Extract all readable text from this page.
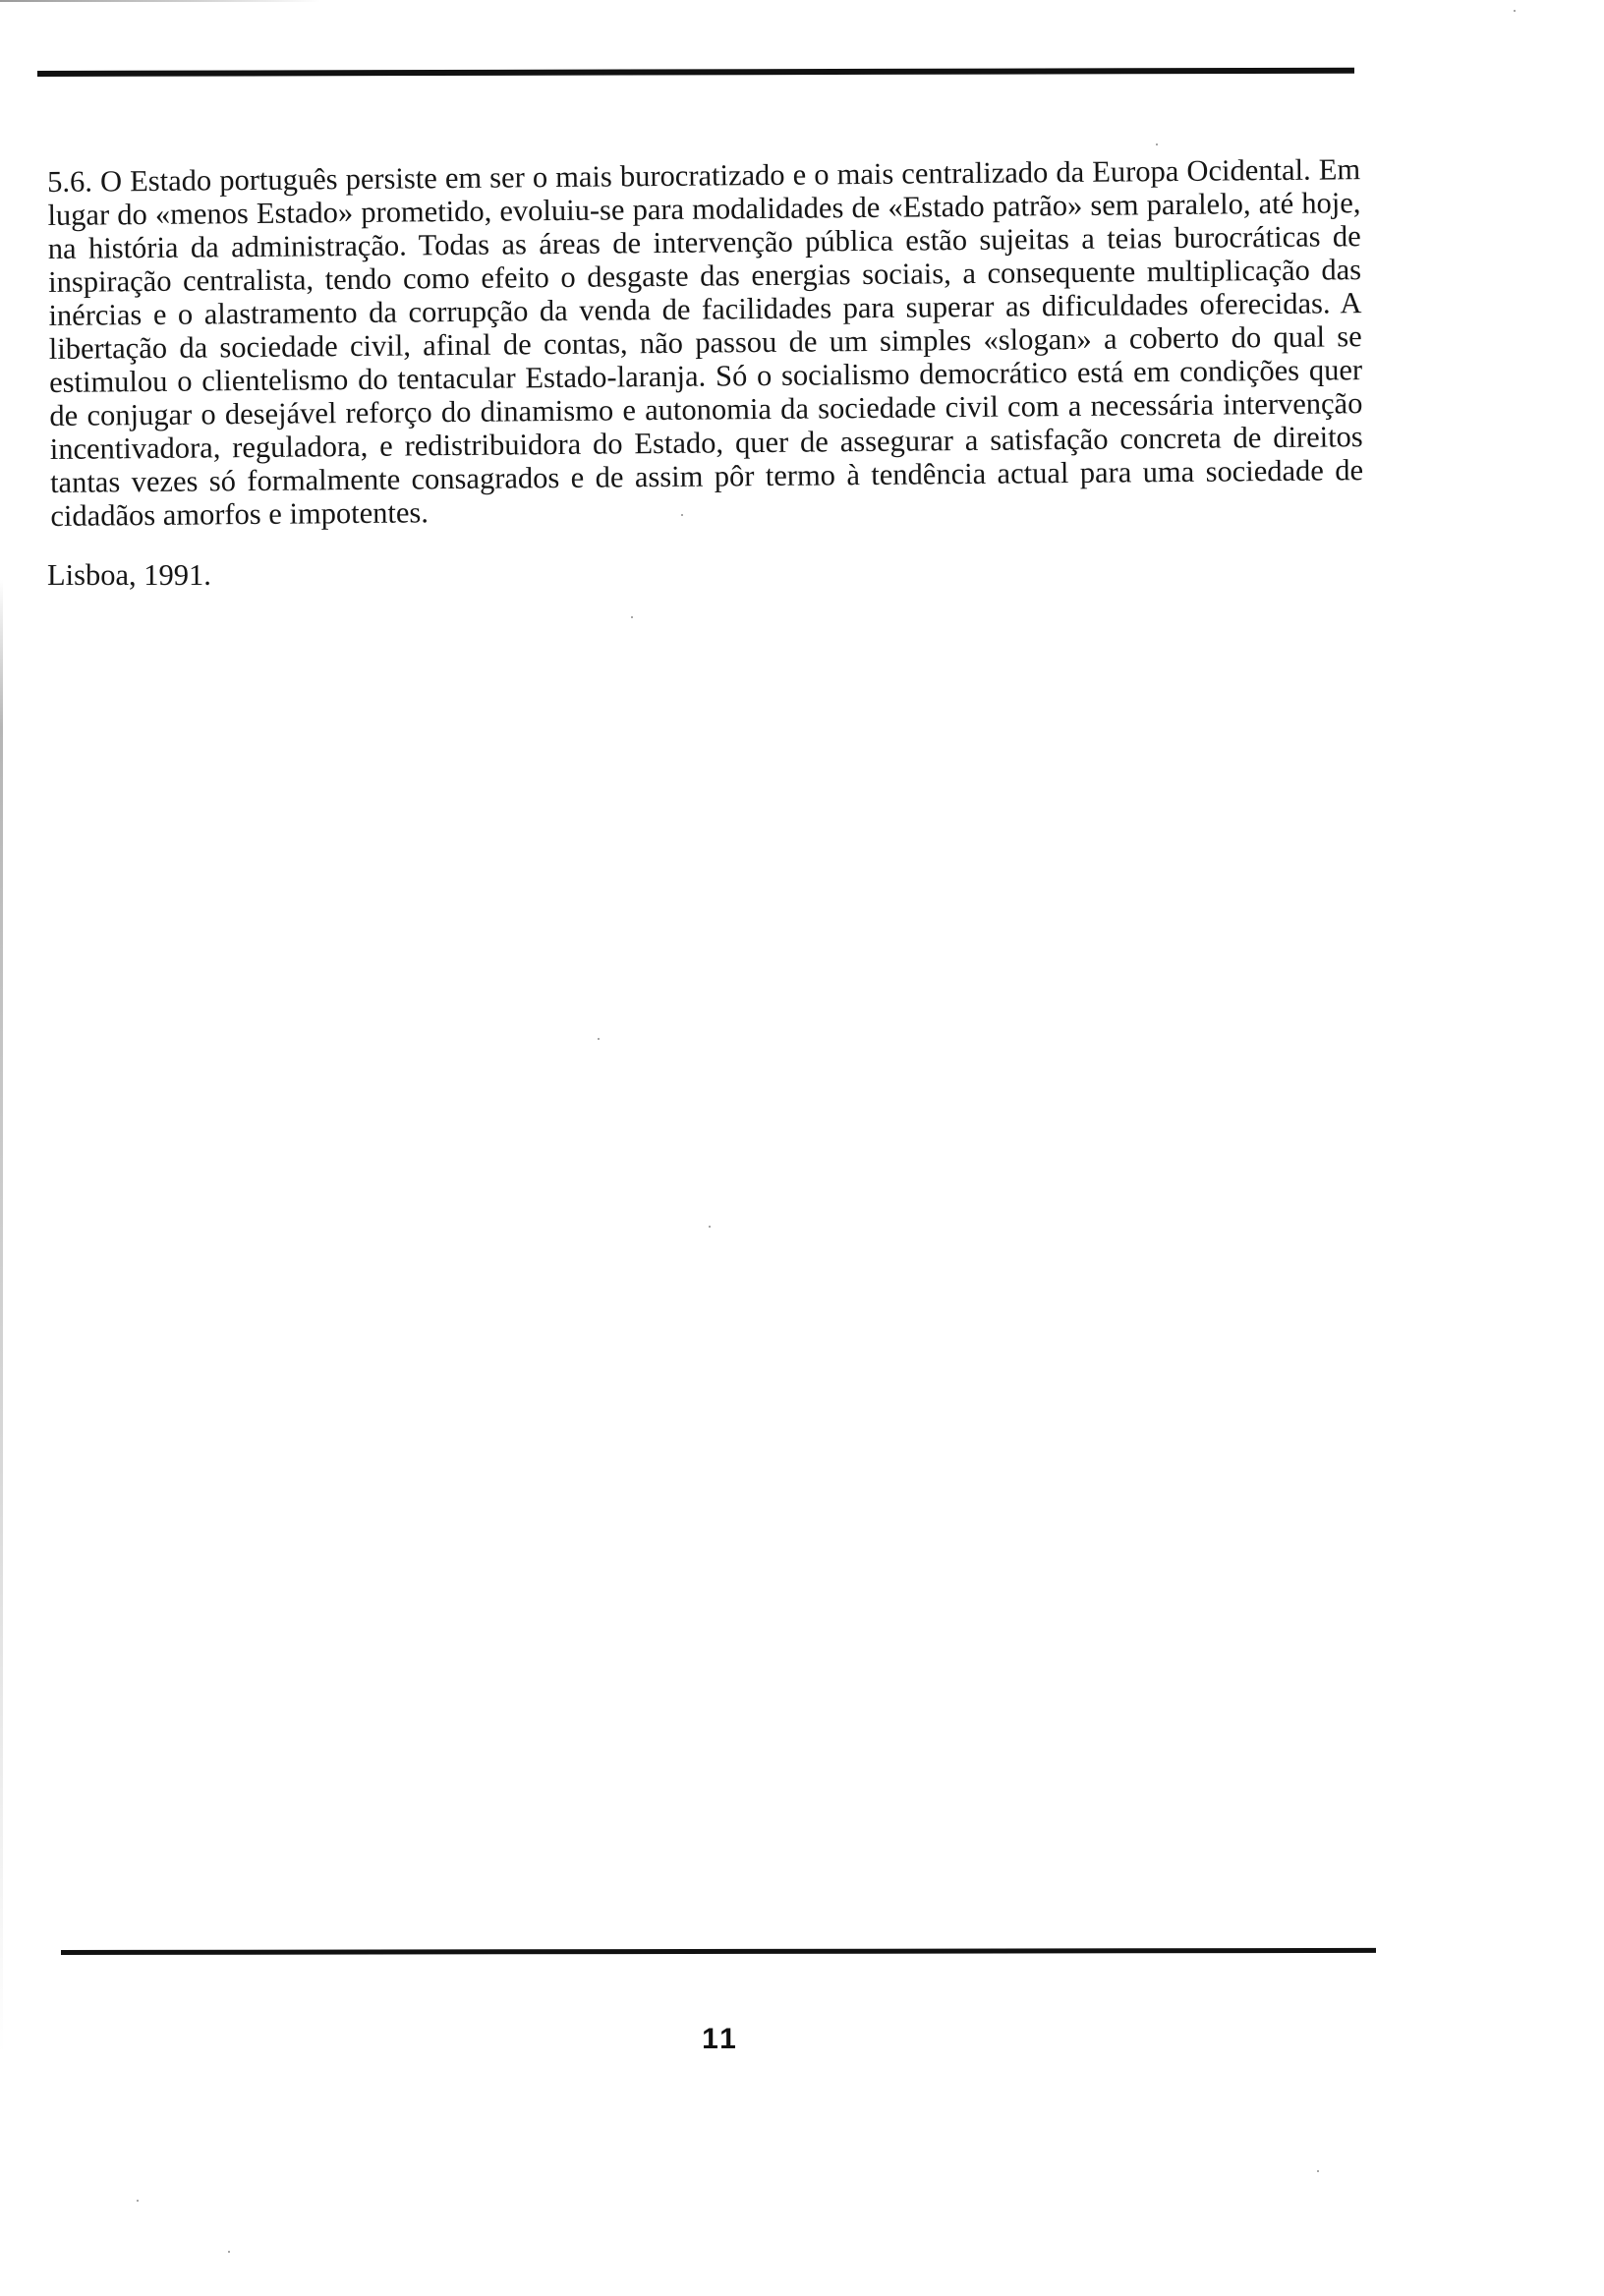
5.6. O Estado português persiste em ser o mais burocratizado e o mais centralizado da Europa Ocidental. Em lugar do «menos Estado» prometido, evoluiu-se para modalidades de «Estado patrão» sem paralelo, até hoje, na história da administração. Todas as áreas de intervenção pública estão sujeitas a teias burocráticas de inspiração centralista, tendo como efeito o desgaste das energias sociais, a consequente multiplicação das inércias e o alastramento da corrupção da venda de facilidades para superar as dificuldades oferecidas. A libertação da sociedade civil, afinal de contas, não passou de um simples «slogan» a coberto do qual se estimulou o clientelismo do tentacular Estado-laranja. Só o socialismo democrático está em condições quer de conjugar o desejável reforço do dinamismo e autonomia da sociedade civil com a necessária intervenção incentivadora, reguladora, e redistribuidora do Estado, quer de assegurar a satisfação concreta de direitos tantas vezes só formalmente consagrados e de assim pôr termo à tendência actual para uma sociedade de cidadãos amorfos e impotentes.

Lisboa, 1991.

11
